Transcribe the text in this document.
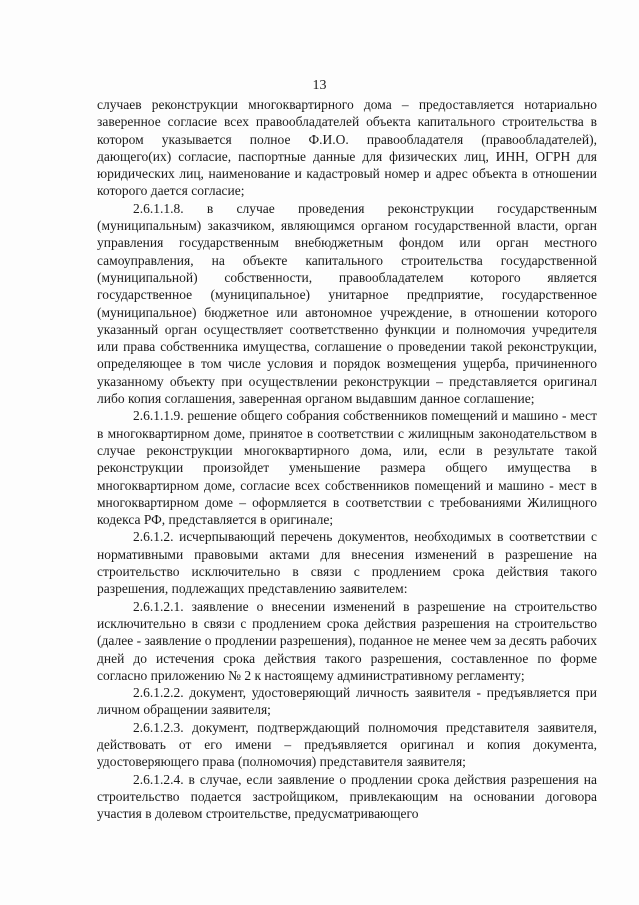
13

случаев реконструкции многоквартирного дома – предоставляется нотариально заверенное согласие всех правообладателей объекта капитального строительства в котором указывается полное Ф.И.О. правообладателя (правообладателей), дающего(их) согласие, паспортные данные для физических лиц, ИНН, ОГРН для юридических лиц, наименование и кадастровый номер и адрес объекта в отношении которого дается согласие;

2.6.1.1.8. в случае проведения реконструкции государственным (муниципальным) заказчиком, являющимся органом государственной власти, орган управления государственным внебюджетным фондом или орган местного самоуправления, на объекте капитального строительства государственной (муниципальной) собственности, правообладателем которого является государственное (муниципальное) унитарное предприятие, государственное (муниципальное) бюджетное или автономное учреждение, в отношении которого указанный орган осуществляет соответственно функции и полномочия учредителя или права собственника имущества, соглашение о проведении такой реконструкции, определяющее в том числе условия и порядок возмещения ущерба, причиненного указанному объекту при осуществлении реконструкции – представляется оригинал либо копия соглашения, заверенная органом выдавшим данное соглашение;

2.6.1.1.9. решение общего собрания собственников помещений и машино - мест в многоквартирном доме, принятое в соответствии с жилищным законодательством в случае реконструкции многоквартирного дома, или, если в результате такой реконструкции произойдет уменьшение размера общего имущества в многоквартирном доме, согласие всех собственников помещений и машино - мест в многоквартирном доме – оформляется в соответствии с требованиями Жилищного кодекса РФ, представляется в оригинале;

2.6.1.2. исчерпывающий перечень документов, необходимых в соответствии с нормативными правовыми актами для внесения изменений в разрешение на строительство исключительно в связи с продлением срока действия такого разрешения, подлежащих представлению заявителем:

2.6.1.2.1. заявление о внесении изменений в разрешение на строительство исключительно в связи с продлением срока действия разрешения на строительство (далее - заявление о продлении разрешения), поданное не менее чем за десять рабочих дней до истечения срока действия такого разрешения, составленное по форме согласно приложению № 2 к настоящему административному регламенту;

2.6.1.2.2. документ, удостоверяющий личность заявителя - предъявляется при личном обращении заявителя;

2.6.1.2.3. документ, подтверждающий полномочия представителя заявителя, действовать от его имени – предъявляется оригинал и копия документа, удостоверяющего права (полномочия) представителя заявителя;

2.6.1.2.4. в случае, если заявление о продлении срока действия разрешения на строительство подается застройщиком, привлекающим на основании договора участия в долевом строительстве, предусматривающего
